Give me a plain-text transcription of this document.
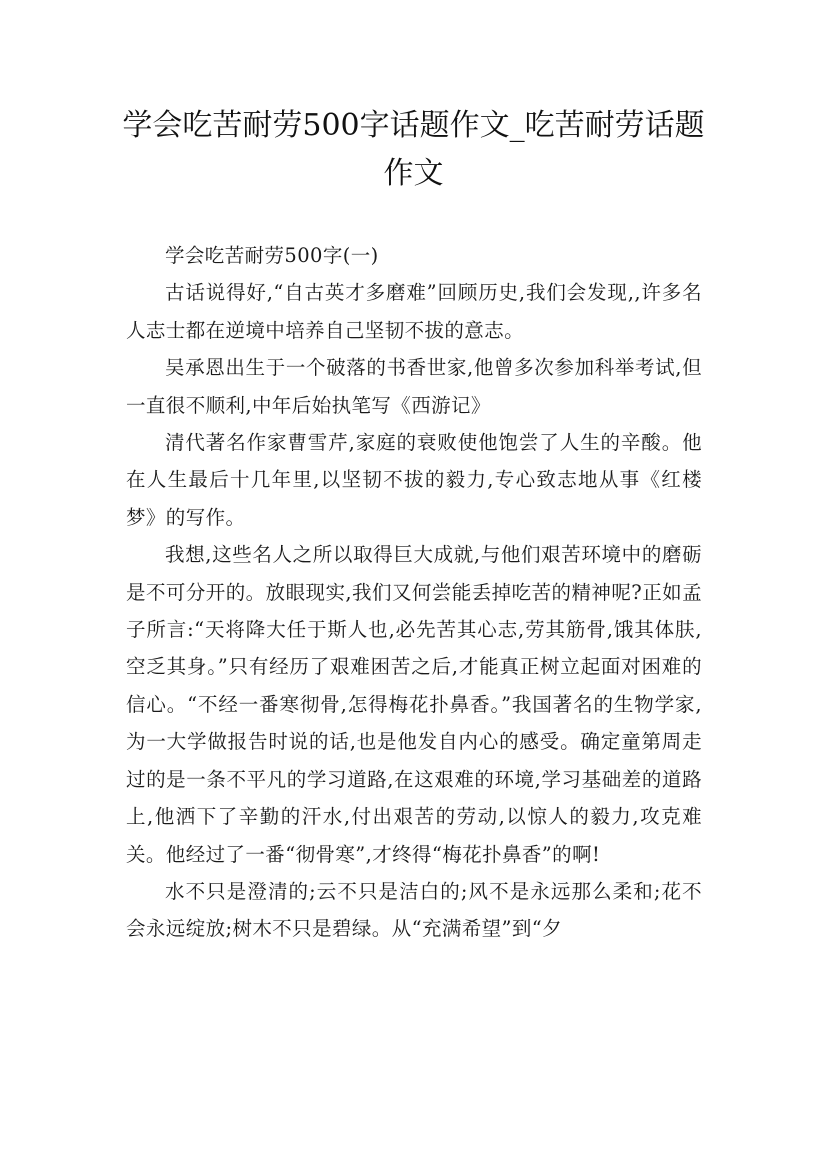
学会吃苦耐劳500字话题作文_吃苦耐劳话题作文

学会吃苦耐劳500字(一)

古话说得好,“自古英才多磨难”回顾历史,我们会发现,,许多名人志士都在逆境中培养自己坚韧不拔的意志。

吴承恩出生于一个破落的书香世家,他曾多次参加科举考试,但一直很不顺利,中年后始执笔写《西游记》

清代著名作家曹雪芹,家庭的衰败使他饱尝了人生的辛酸。他在人生最后十几年里,以坚韧不拔的毅力,专心致志地从事《红楼梦》的写作。

我想,这些名人之所以取得巨大成就,与他们艰苦环境中的磨砺是不可分开的。放眼现实,我们又何尝能丢掉吃苦的精神呢?正如孟子所言:“天将降大任于斯人也,必先苦其心志,劳其筋骨,饿其体肤,空乏其身。”只有经历了艰难困苦之后,才能真正树立起面对困难的信心。“不经一番寒彻骨,怎得梅花扑鼻香。”我国著名的生物学家,为一大学做报告时说的话,也是他发自内心的感受。确定童第周走过的是一条不平凡的学习道路,在这艰难的环境,学习基础差的道路上,他洒下了辛勤的汗水,付出艰苦的劳动,以惊人的毅力,攻克难关。他经过了一番“彻骨寒”,才终得“梅花扑鼻香”的啊!

水不只是澄清的;云不只是洁白的;风不是永远那么柔和;花不会永远绽放;树木不只是碧绿。从“充满希望”到“夕
